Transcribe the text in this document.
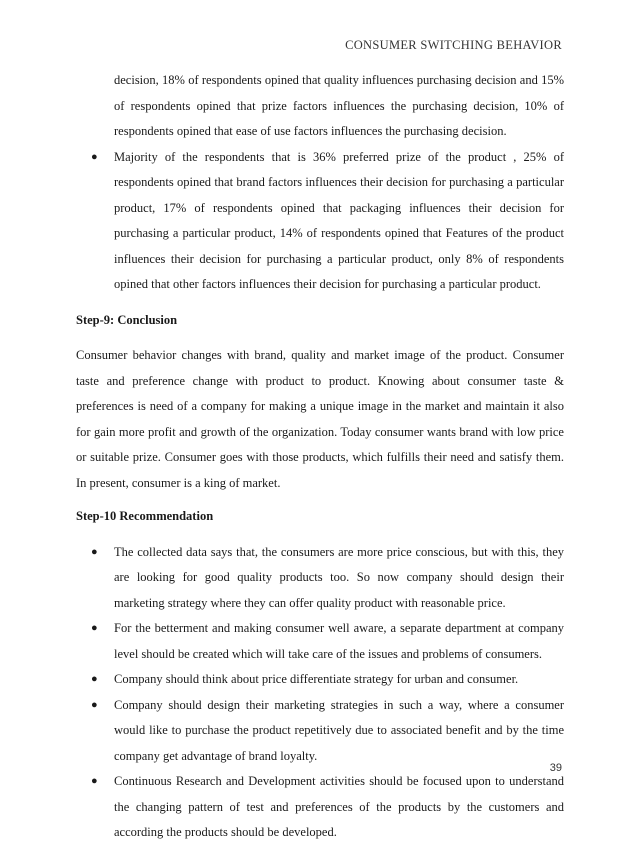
CONSUMER SWITCHING BEHAVIOR
decision, 18% of respondents opined that quality influences purchasing decision and 15% of respondents opined that prize factors influences the purchasing decision, 10% of respondents opined that ease of use factors influences the purchasing decision.
● Majority of the respondents that is 36% preferred prize of the product , 25% of respondents opined that brand factors influences their decision for purchasing a particular product, 17% of respondents opined that packaging influences their decision for purchasing a particular product, 14% of respondents opined that Features of the product influences their decision for purchasing a particular product, only 8% of respondents opined that other factors influences their decision for purchasing a particular product.
Step-9: Conclusion
Consumer behavior changes with brand, quality and market image of the product. Consumer taste and preference change with product to product. Knowing about consumer taste & preferences is need of a company for making a unique image in the market and maintain it also for gain more profit and growth of the organization. Today consumer wants brand with low price or suitable prize. Consumer goes with those products, which fulfills their need and satisfy them. In present, consumer is a king of market.
Step-10 Recommendation
● The collected data says that, the consumers are more price conscious, but with this, they are looking for good quality products too. So now company should design their marketing strategy where they can offer quality product with reasonable price.
● For the betterment and making consumer well aware, a separate department at company level should be created which will take care of the issues and problems of consumers.
● Company should think about price differentiate strategy for urban and consumer.
● Company should design their marketing strategies in such a way, where a consumer would like to purchase the product repetitively due to associated benefit and by the time company get advantage of brand loyalty.
● Continuous Research and Development activities should be focused upon to understand the changing pattern of test and preferences of the products by the customers and according the products should be developed.
39
